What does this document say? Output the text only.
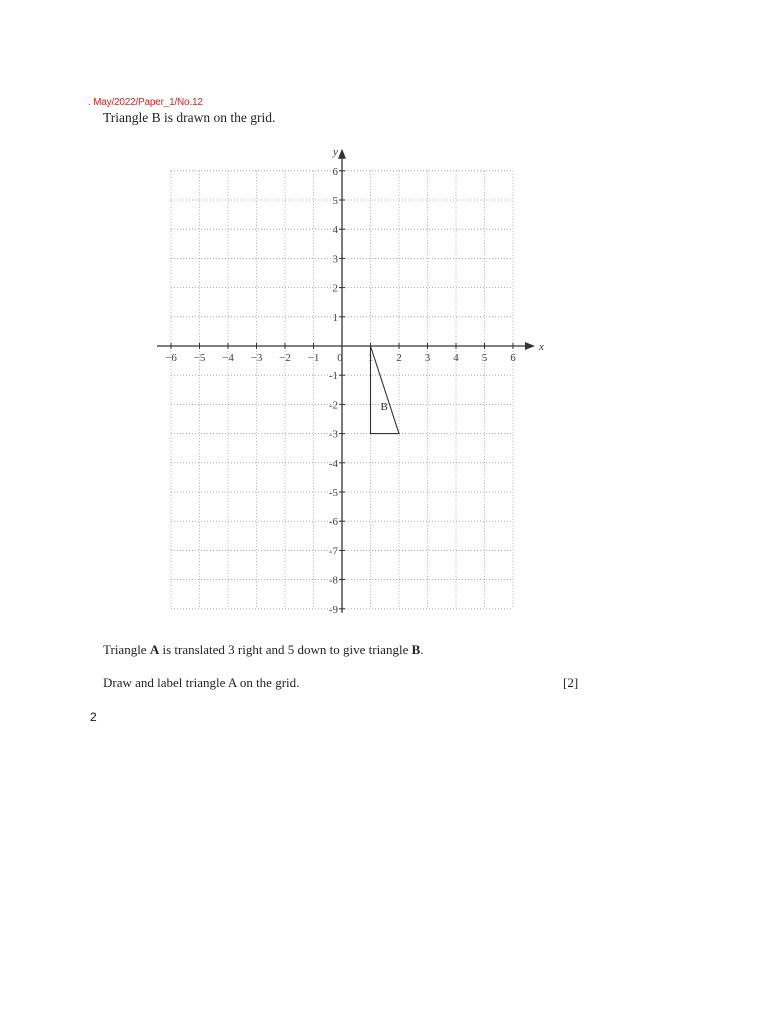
. May/2022/Paper_1/No.12
Triangle B is drawn on the grid.
x
y
−6 −5 −4 −3 −2 −1 0 1 2 3 4 5 6
6
5
4
3
2
1
-1
-2
-3
-4
-5
-6
-7
-8
-9
B
Triangle A is translated 3 right and 5 down to give triangle B.
Draw and label triangle A on the grid.	[2]
2
